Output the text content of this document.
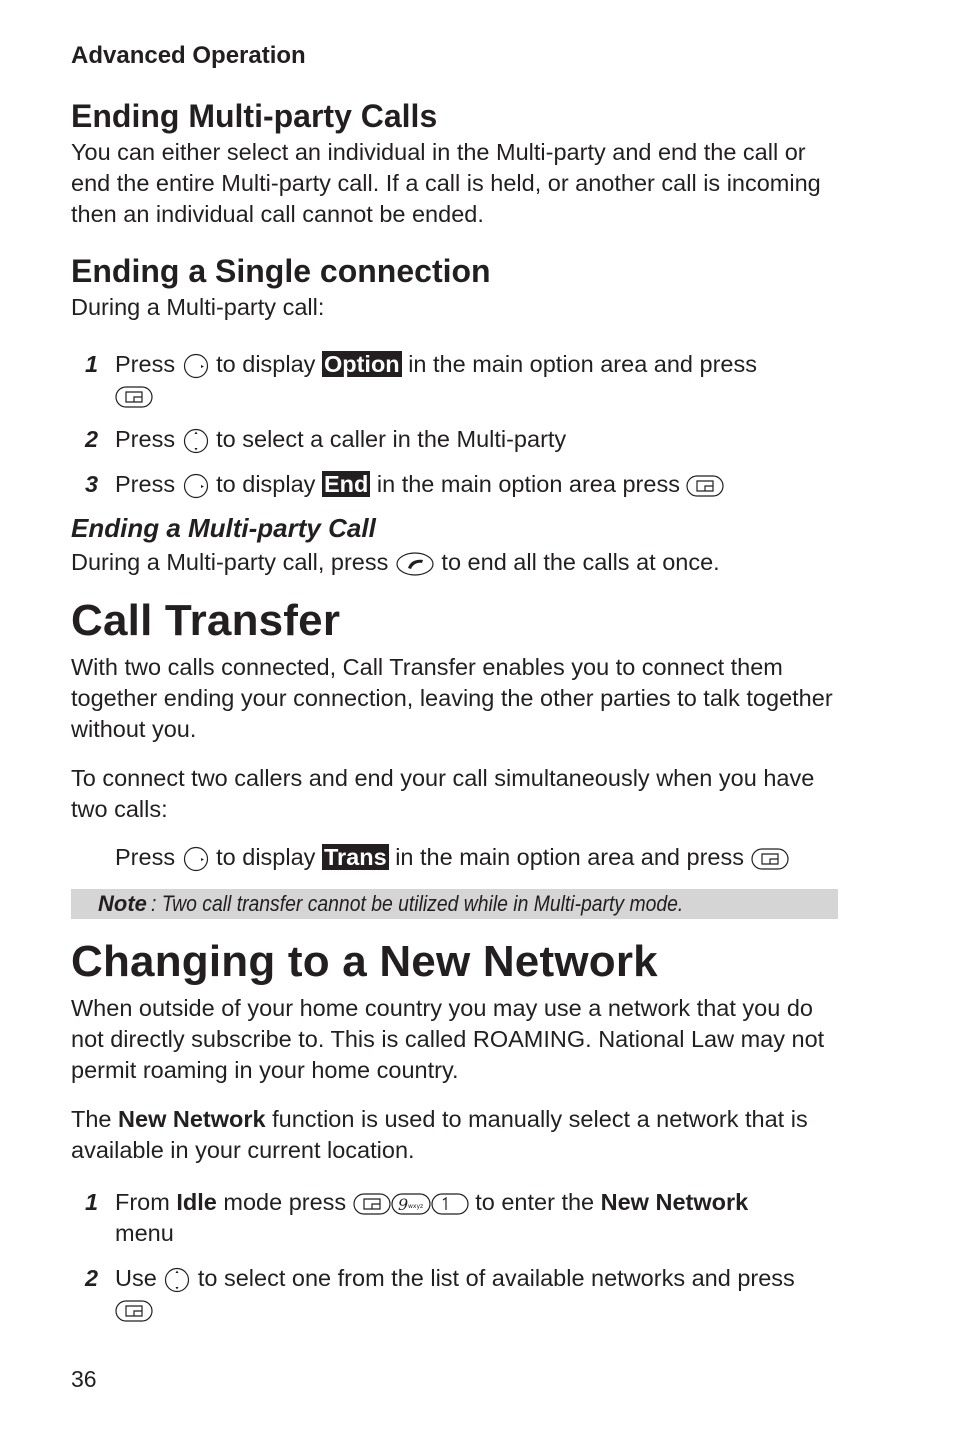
Advanced Operation
Ending Multi-party Calls

You can either select an individual in the Multi-party and end the call or end the entire Multi-party call. If a call is held, or another call is incoming then an individual call cannot be ended.

Ending a Single connection

During a Multi-party call:

1 Press to display Option in the main option area and press

2 Press to select a caller in the Multi-party
3 Press to display End in the main option area press
Ending a Multi-party Call

During a Multi-party call, press to end all the calls at once.

Call Transfer

With two calls connected, Call Transfer enables you to connect them together ending your connection, leaving the other parties to talk together without you.

To connect two callers and end your call simultaneously when you have two calls:

Press to display Trans in the main option area and press
Note : Two call transfer cannot be utilized while in Multi-party mode.
Changing to a New Network

When outside of your home country you may use a network that you do not directly subscribe to. This is called ROAMING. National Law may not permit roaming in your home country.

The New Network function is used to manually select a network that is available in your current location.

1 From Idle mode press	9 wxyz to enter the New Network
menu
2 Use to select one from the list of available networks and press
36
